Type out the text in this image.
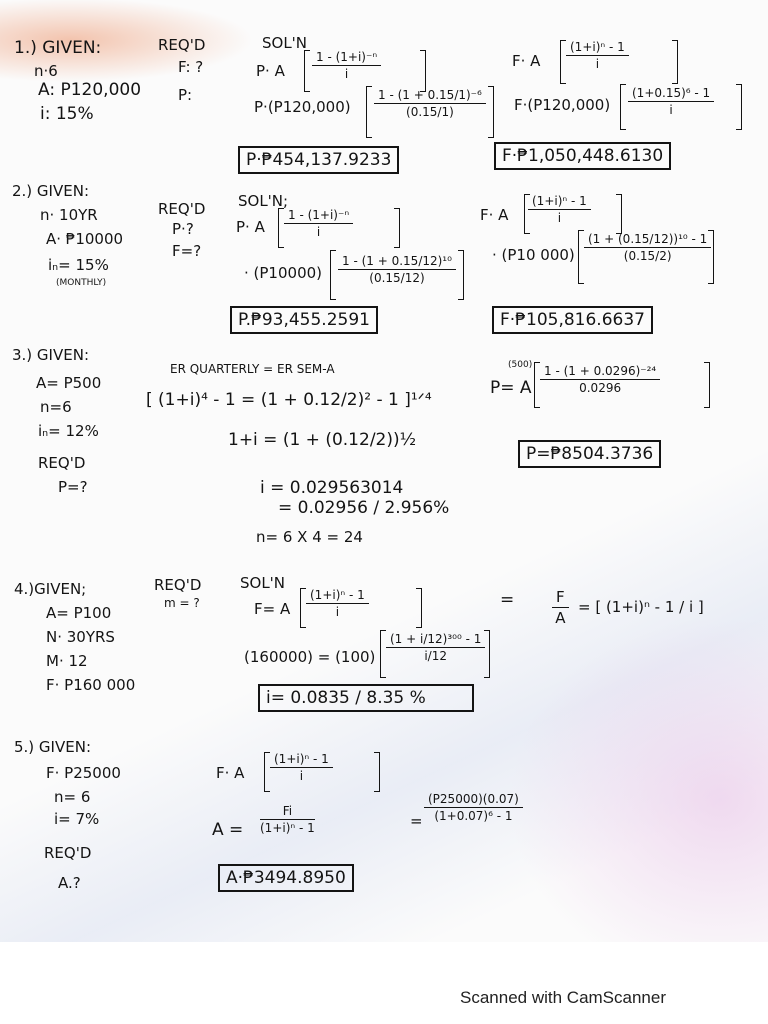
1.) GIVEN:
n·6
A: P120,000
i: 15%
REQ'D
F: ?
P:
SOL'N
P· A $\frac{\text{1 - (1+i)⁻ⁿ}}{i}$
$P\cdot(P120,000) \frac{\text{1 - (1 + 0.15/1)⁻⁶}}{(0.15/1)}$
F· A $\frac{\text{(1+i)ⁿ - 1}}{i}$
$F\cdot(P120,000) \frac{\text{(1+0.15)⁶ - 1}}{i}$
P·₱454,137.9233	F·₱1,050,448.6130
2.) GIVEN:
n· 10YR
A· ₱10000
iₙ= 15%
(MONTHLY)
REQ'D
P·?
F=?
SOL'N;
P· A $\frac{\text{1 - (1+i)⁻ⁿ}}{i}$
· $(P10000) \frac{\text{1 - (1 + 0.15/12)¹⁰}}{(0.15/12)}$
F· A $\frac{\text{(1+i)ⁿ - 1}}{i}$
· (P10 $000) \frac{\text{(1 + (0.15/12))¹⁰ - 1}}{(0.15/2)}$
P.₱93,455.2591	F·₱105,816.6637
3.) GIVEN:
A= P500
n=6
iₙ= 12%
REQ'D
P=?
ER QUARTERLY = ER SEM-A
[ (1+i)⁴ - 1 = (1 + 0.12/2)² - 1 ]¹ᐟ⁴
1+i = (1 + (0.12/2))½
i = 0.029563014
= 0.02956 / 2.956%
n= 6 X 4 = 24
P= A
$(500) \frac{\text{1 - (1 + 0.0296)⁻²⁴}}{0.0296}$
P=₱8504.3736
4.)GIVEN;
A= P100
N· 30YRS
M· 12
F· P160 000
REQ'D
m = ?
SOL'N
F= A $\frac{\text{(1+i)ⁿ - 1}}{i}$	=	$\frac{F}{A}$ = [ (1+i)ⁿ - 1 / i ]
$(160000) = (100) \frac{\text{(1 + i/12)³⁰⁰ - 1}}{i/12}$
i= 0.0835 / 8.35 %
5.) GIVEN:
F· P25000
n= 6
i= 7%
REQ'D
A.?
F· A $\frac{\text{(1+i)ⁿ - 1}}{i}$
$A = \frac{Fi}{\text{(1+i)ⁿ - 1}}$	= $\frac{(P25000)(0.07)}{\text{(1+0.07)⁶ - 1}}$
A·₱3494.8950
Scanned with CamScanner
